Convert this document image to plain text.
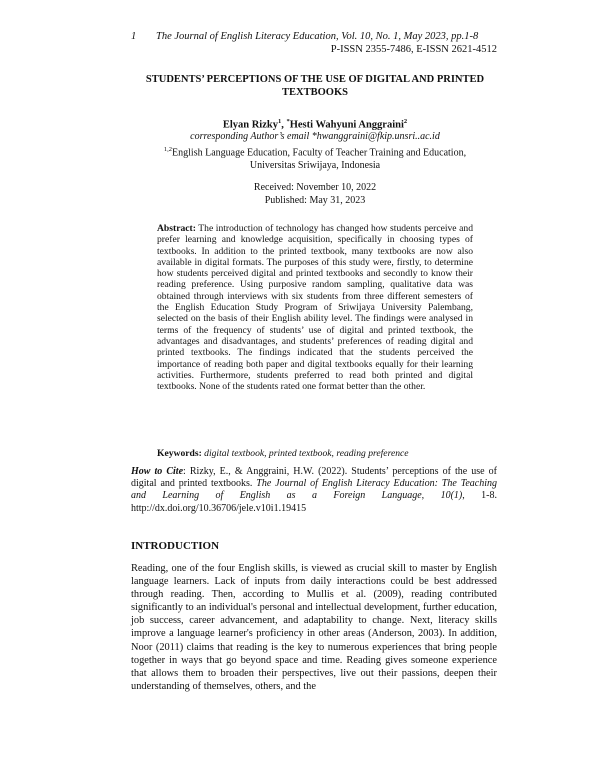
1 The Journal of English Literacy Education, Vol. 10, No. 1, May 2023, pp.1-8
P-ISSN 2355-7486, E-ISSN 2621-4512
STUDENTS’ PERCEPTIONS OF THE USE OF DIGITAL AND PRINTED
TEXTBOOKS
Elyan Rizky$^1$, *Hesti Wahyuni Anggraini$^2$
corresponding Author’s email *hwanggraini@fkip.unsri..ac.id
$^{1,2}$English Language Education, Faculty of Teacher Training and Education,
Universitas Sriwijaya, Indonesia
Received: November 10, 2022
Published: May 31, 2023
Abstract: The introduction of technology has changed how students perceive and prefer learning and knowledge acquisition, specifically in choosing types of textbooks. In addition to the printed textbook, many textbooks are now also available in digital formats. The purposes of this study were, firstly, to determine how students perceived digital and printed textbooks and secondly to know their reading preference. Using purposive random sampling, qualitative data was obtained through interviews with six students from three different semesters of the English Education Study Program of Sriwijaya University Palembang, selected on the basis of their English ability level. The findings were analysed in terms of the frequency of students’ use of digital and printed textbook, the advantages and disadvantages, and students’ preferences of reading digital and printed textbooks. The findings indicated that the students perceived the importance of reading both paper and digital textbooks equally for their learning activities. Furthermore, students preferred to read both printed and digital textbooks. None of the students rated one format better than the other.
Keywords: digital textbook, printed textbook, reading preference
How to Cite: Rizky, E., & Anggraini, H.W. (2022). Students’ perceptions of the use of digital and printed textbooks. The Journal of English Literacy Education: The Teaching and Learning of English as a Foreign Language, 10(1), 1-8. http://dx.doi.org/10.36706/jele.v10i1.19415
INTRODUCTION
Reading, one of the four English skills, is viewed as crucial skill to master by English language learners. Lack of inputs from daily interactions could be best addressed through reading. Then, according to Mullis et al. (2009), reading contributed significantly to an individual's personal and intellectual development, further education, job success, career advancement, and adaptability to change. Next, literacy skills improve a language learner's proficiency in other areas (Anderson, 2003). In addition, Noor (2011) claims that reading is the key to numerous experiences that bring people together in ways that go beyond space and time. Reading gives someone experience that allows them to broaden their perspectives, live out their passions, deepen their understanding of themselves, others, and the
